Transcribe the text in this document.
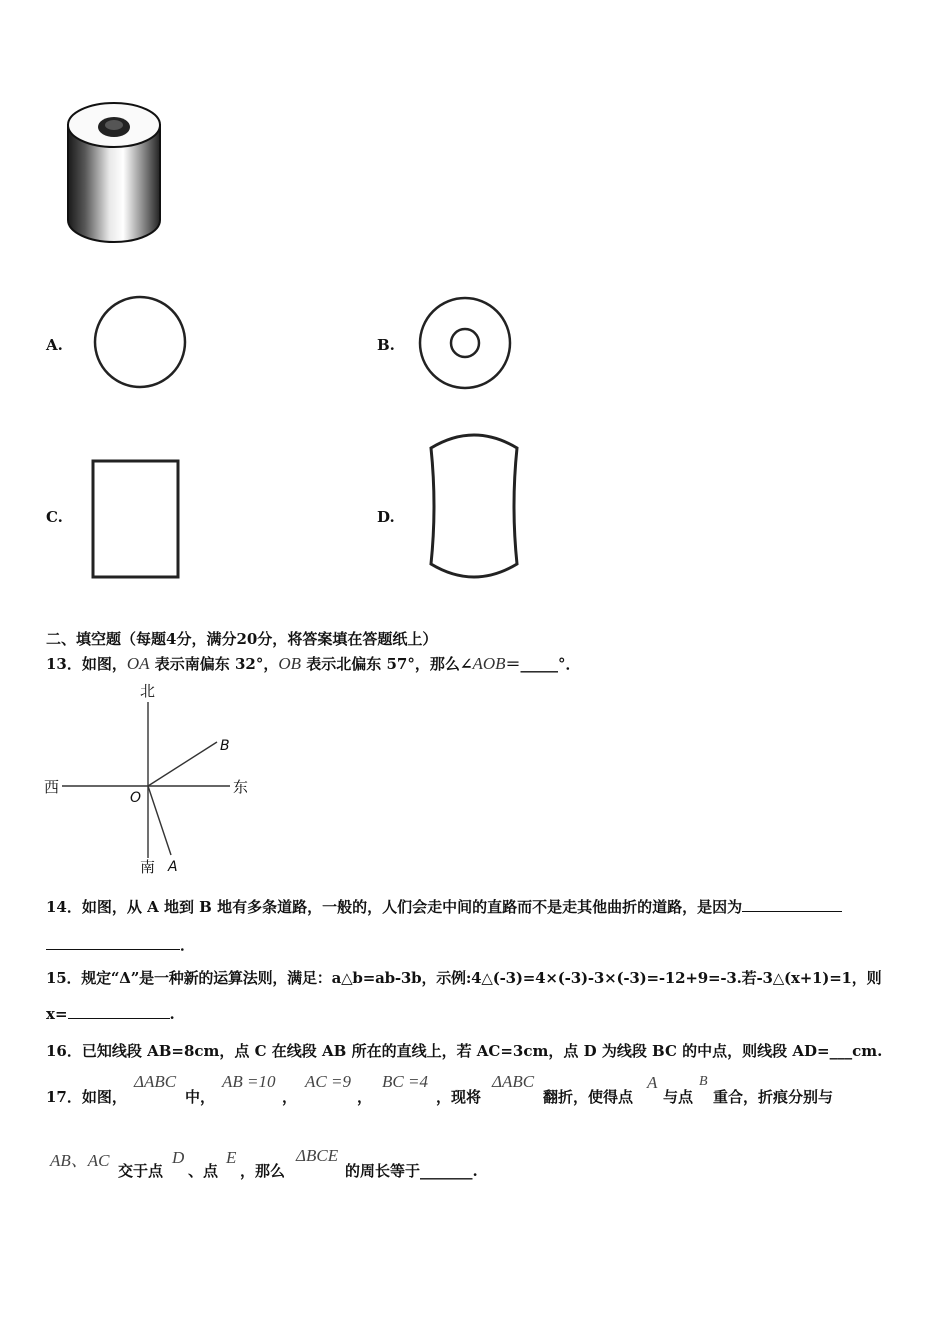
A.	B.
C.	D.
二、填空题（每题4分，满分20分，将答案填在答题纸上）
13．如图，OA 表示南偏东 32°，OB 表示北偏东 57°，那么∠AOB＝_____°．
北
南
东
西
O
B
A
14．如图，从 A 地到 B 地有多条道路，一般的，人们会走中间的直路而不是走其他曲折的道路，是因为
．
15．规定“Δ”是一种新的运算法则，满足：a△b=ab-3b，示例:4△(-3)=4×(-3)-3×(-3)=-12+9=-3.若-3△(x+1)=1，则
x=	.
16．已知线段 AB=8cm，点 C 在线段 AB 所在的直线上，若 AC=3cm，点 D 为线段 BC 的中点，则线段 AD=___cm.
17．如图，
ΔABC
中，
AB =10
，
AC =9
，
BC =4
，现将
ΔABC
翻折，使得点
A
与点
B
重合，折痕分别与
AB、AC
交于点
D
、点
E
，那么
ΔBCE
的周长等于_______.
